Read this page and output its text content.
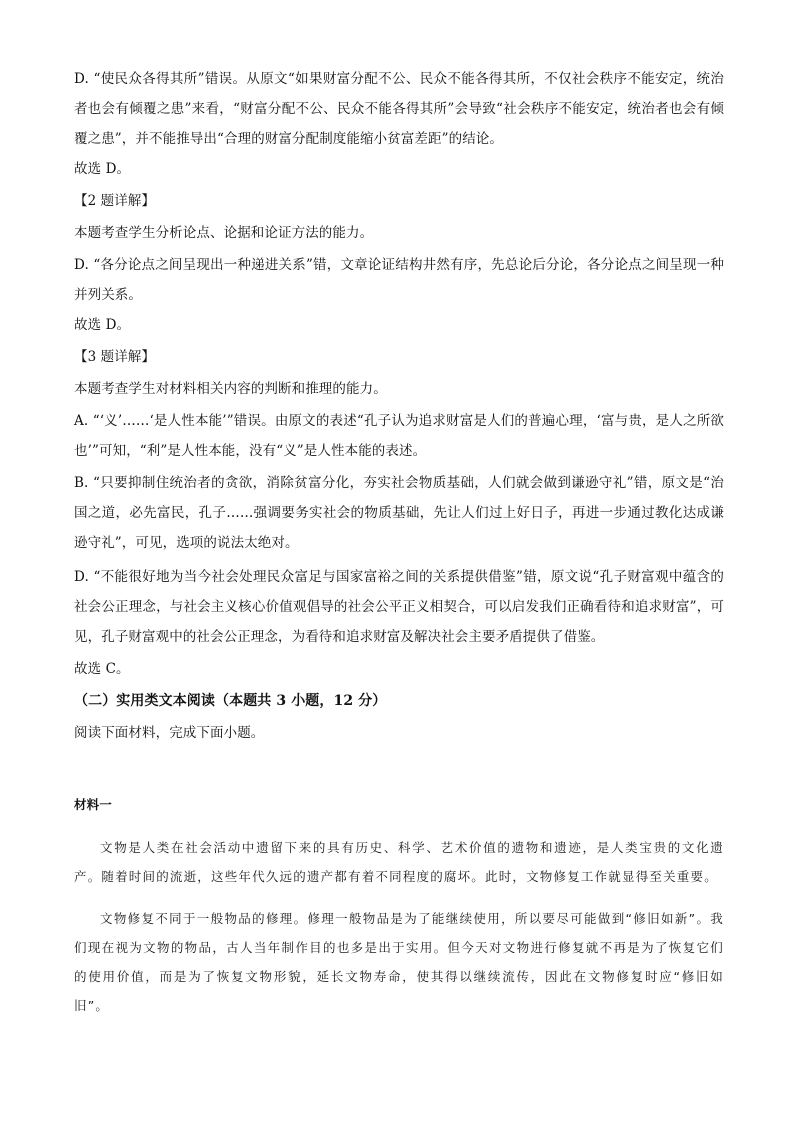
D. “使民众各得其所”错误。从原文“如果财富分配不公、民众不能各得其所，不仅社会秩序不能安定，统治者也会有倾覆之患”来看，“财富分配不公、民众不能各得其所”会导致“社会秩序不能安定，统治者也会有倾覆之患”，并不能推导出“合理的财富分配制度能缩小贫富差距”的结论。

故选 D。

【2 题详解】

本题考查学生分析论点、论据和论证方法的能力。

D. “各分论点之间呈现出一种递进关系”错，文章论证结构井然有序，先总论后分论，各分论点之间呈现一种并列关系。

故选 D。

【3 题详解】

本题考查学生对材料相关内容的判断和推理的能力。

A. “‘义’……‘是人性本能’”错误。由原文的表述“孔子认为追求财富是人们的普遍心理，‘富与贵，是人之所欲也’”可知，“利”是人性本能，没有“义”是人性本能的表述。

B. “只要抑制住统治者的贪欲，消除贫富分化，夯实社会物质基础，人们就会做到谦逊守礼”错，原文是“治国之道，必先富民，孔子……强调要务实社会的物质基础，先让人们过上好日子，再进一步通过教化达成谦逊守礼”，可见，选项的说法太绝对。

D. “不能很好地为当今社会处理民众富足与国家富裕之间的关系提供借鉴”错，原文说“孔子财富观中蕴含的社会公正理念，与社会主义核心价值观倡导的社会公平正义相契合，可以启发我们正确看待和追求财富”，可见，孔子财富观中的社会公正理念，为看待和追求财富及解决社会主要矛盾提供了借鉴。

故选 C。

（二）实用类文本阅读（本题共 3 小题，12 分）

阅读下面材料，完成下面小题。

材料一

文物是人类在社会活动中遗留下来的具有历史、科学、艺术价值的遗物和遗迹，是人类宝贵的文化遗产。随着时间的流逝，这些年代久远的遗产都有着不同程度的腐坏。此时，文物修复工作就显得至关重要。

文物修复不同于一般物品的修理。修理一般物品是为了能继续使用，所以要尽可能做到“修旧如新”。我们现在视为文物的物品，古人当年制作目的也多是出于实用。但今天对文物进行修复就不再是为了恢复它们的使用价值，而是为了恢复文物形貌，延长文物寿命，使其得以继续流传，因此在文物修复时应“修旧如旧”。
